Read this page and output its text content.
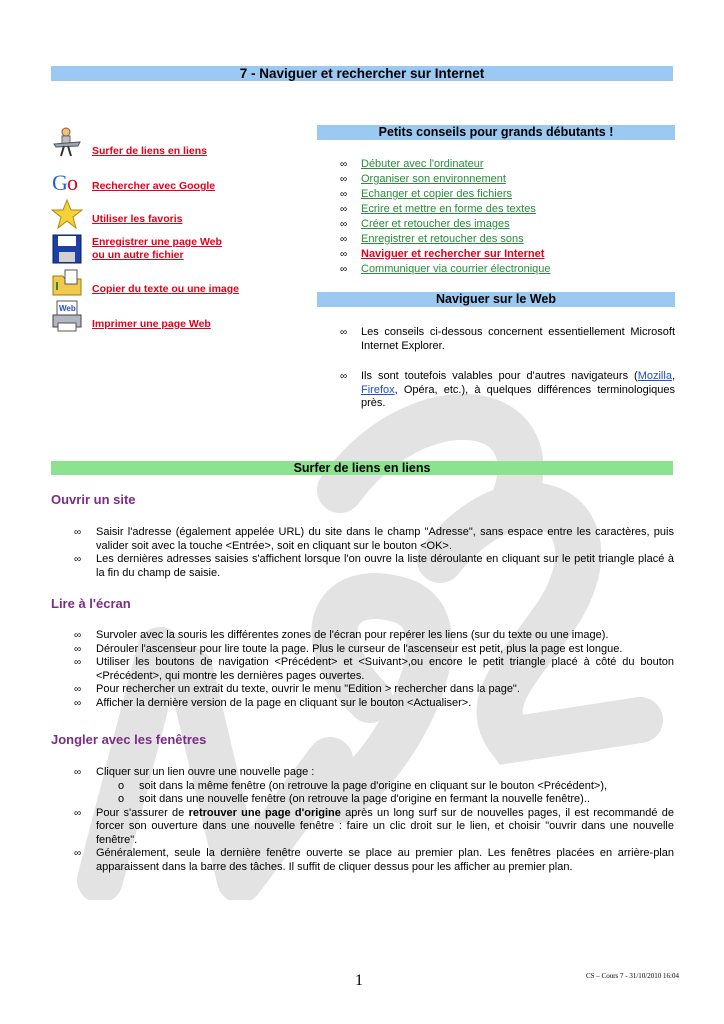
7 - Naviguer et rechercher sur Internet
Surfer de liens en liens
G o Rechercher avec Google
Utiliser les favoris
Enregistrer une page Web
ou un autre fichier
Copier du texte ou une image
Web
Imprimer une page Web
Petits conseils pour grands débutants !
∞	Débuter avec l'ordinateur
∞	Organiser son environnement
∞	Echanger et copier des fichiers
∞	Ecrire et mettre en forme des textes
∞	Créer et retoucher des images
∞	Enregistrer et retoucher des sons
∞	Naviguer et rechercher sur Internet
∞	Communiquer via courrier électronique
Naviguer sur le Web
∞	Les conseils ci-dessous concernent essentiellement Microsoft Internet Explorer.
∞	Ils sont toutefois valables pour d'autres navigateurs (Mozilla, Firefox, Opéra, etc.), à quelques différences terminologiques près.
Surfer de liens en liens
Ouvrir un site
∞	Saisir l'adresse (également appelée URL) du site dans le champ "Adresse", sans espace entre les caractères, puis valider soit avec la touche <Entrée>, soit en cliquant sur le bouton <OK>.
∞	Les dernières adresses saisies s'affichent lorsque l'on ouvre la liste déroulante en cliquant sur le petit triangle placé à la fin du champ de saisie.
Lire à l'écran
∞	Survoler avec la souris les différentes zones de l'écran pour repérer les liens (sur du texte ou une image).
∞	Dérouler l'ascenseur pour lire toute la page. Plus le curseur de l'ascenseur est petit, plus la page est longue.
∞	Utiliser les boutons de navigation <Précédent> et <Suivant>,ou encore le petit triangle placé à côté du bouton <Précédent>, qui montre les dernières pages ouvertes.
∞	Pour rechercher un extrait du texte, ouvrir le menu "Edition > rechercher dans la page".
∞	Afficher la dernière version de la page en cliquant sur le bouton <Actualiser>.
Jongler avec les fenêtres
∞	Cliquer sur un lien ouvre une nouvelle page :
o	soit dans la même fenêtre (on retrouve la page d'origine en cliquant sur le bouton <Précédent>),
o	soit dans une nouvelle fenêtre (on retrouve la page d'origine en fermant la nouvelle fenêtre)..
∞	Pour s'assurer de retrouver une page d'origine après un long surf sur de nouvelles pages, il est recommandé de forcer son ouverture dans une nouvelle fenêtre : faire un clic droit sur le lien, et choisir "ouvrir dans une nouvelle fenêtre".
∞	Généralement, seule la dernière fenêtre ouverte se place au premier plan. Les fenêtres placées en arrière-plan apparaissent dans la barre des tâches. Il suffit de cliquer dessus pour les afficher au premier plan.
1	CS – Cours 7 - 31/10/2010 16:04
